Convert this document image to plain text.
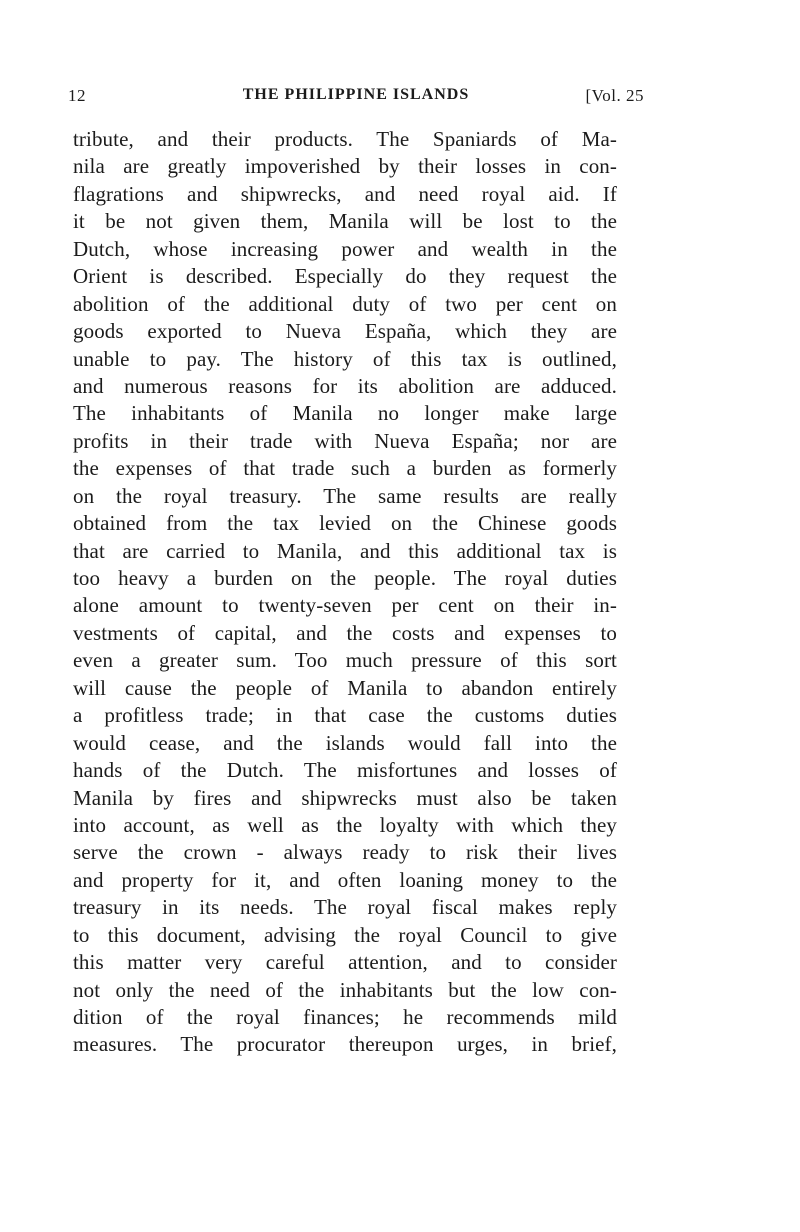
12	THE PHILIPPINE ISLANDS	[Vol. 25
tribute, and their products. The Spaniards of Ma-
nila are greatly impoverished by their losses in con-
flagrations and shipwrecks, and need royal aid. If
it be not given them, Manila will be lost to the
Dutch, whose increasing power and wealth in the
Orient is described. Especially do they request the
abolition of the additional duty of two per cent on
goods exported to Nueva España, which they are
unable to pay. The history of this tax is outlined,
and numerous reasons for its abolition are adduced.
The inhabitants of Manila no longer make large
profits in their trade with Nueva España; nor are
the expenses of that trade such a burden as formerly
on the royal treasury. The same results are really
obtained from the tax levied on the Chinese goods
that are carried to Manila, and this additional tax is
too heavy a burden on the people. The royal duties
alone amount to twenty-seven per cent on their in-
vestments of capital, and the costs and expenses to
even a greater sum. Too much pressure of this sort
will cause the people of Manila to abandon entirely
a profitless trade; in that case the customs duties
would cease, and the islands would fall into the
hands of the Dutch. The misfortunes and losses of
Manila by fires and shipwrecks must also be taken
into account, as well as the loyalty with which they
serve the crown - always ready to risk their lives
and property for it, and often loaning money to the
treasury in its needs. The royal fiscal makes reply
to this document, advising the royal Council to give
this matter very careful attention, and to consider
not only the need of the inhabitants but the low con-
dition of the royal finances; he recommends mild
measures. The procurator thereupon urges, in brief,
